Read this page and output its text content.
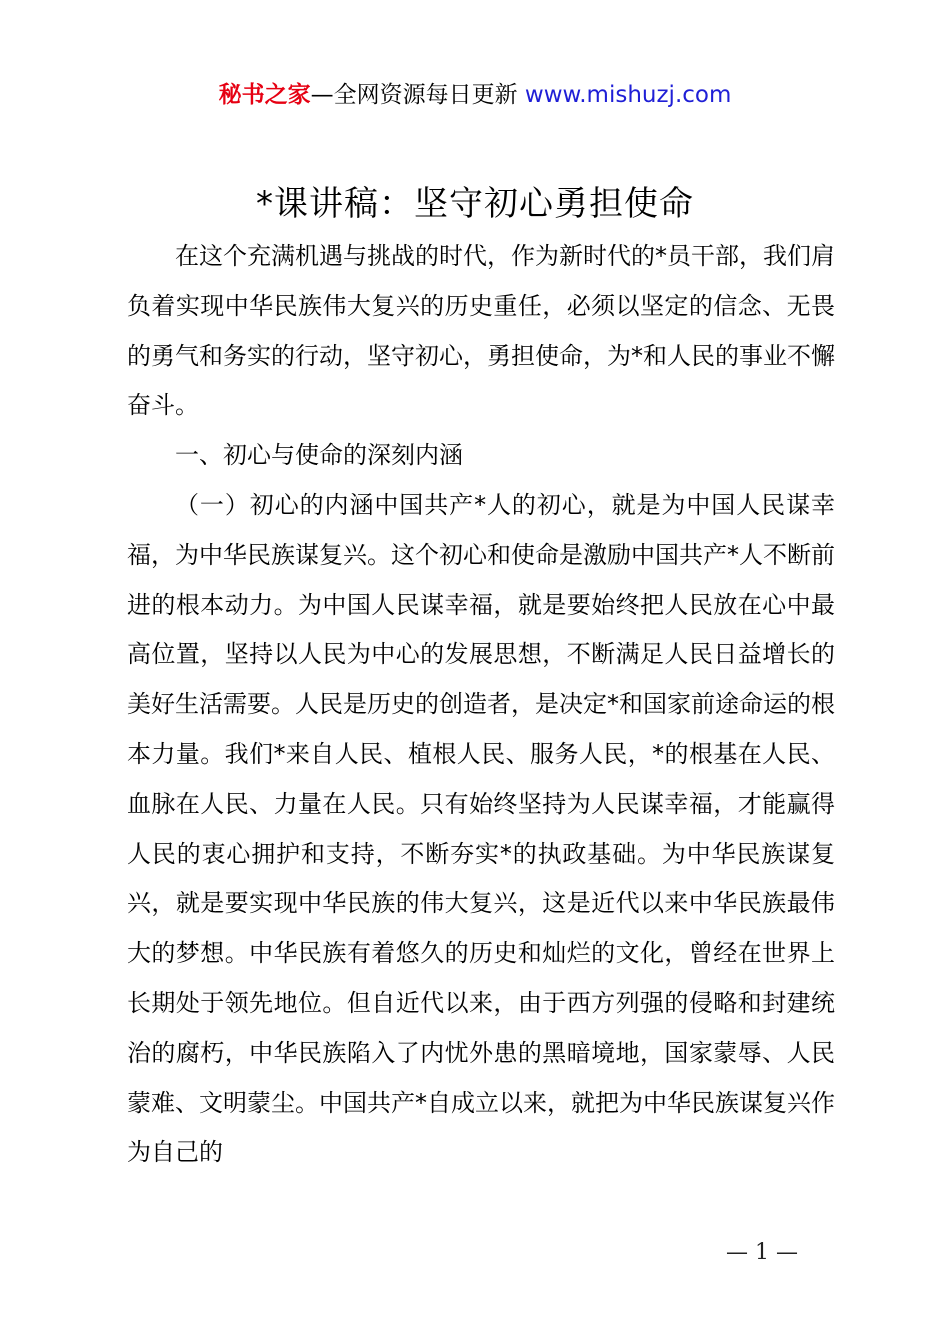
秘书之家—全网资源每日更新 www.mishuzj.com
*课讲稿：坚守初心勇担使命

在这个充满机遇与挑战的时代，作为新时代的*员干部，我们肩负着实现中华民族伟大复兴的历史重任，必须以坚定的信念、无畏的勇气和务实的行动，坚守初心，勇担使命，为*和人民的事业不懈奋斗。

一、初心与使命的深刻内涵

（一）初心的内涵中国共产*人的初心，就是为中国人民谋幸福，为中华民族谋复兴。这个初心和使命是激励中国共产*人不断前进的根本动力。为中国人民谋幸福，就是要始终把人民放在心中最高位置，坚持以人民为中心的发展思想，不断满足人民日益增长的美好生活需要。人民是历史的创造者，是决定*和国家前途命运的根本力量。我们*来自人民、植根人民、服务人民，*的根基在人民、血脉在人民、力量在人民。只有始终坚持为人民谋幸福，才能赢得人民的衷心拥护和支持，不断夯实*的执政基础。为中华民族谋复兴，就是要实现中华民族的伟大复兴，这是近代以来中华民族最伟大的梦想。中华民族有着悠久的历史和灿烂的文化，曾经在世界上长期处于领先地位。但自近代以来，由于西方列强的侵略和封建统治的腐朽，中华民族陷入了内忧外患的黑暗境地，国家蒙辱、人民蒙难、文明蒙尘。中国共产*自成立以来，就把为中华民族谋复兴作为自己的

— 1 —
